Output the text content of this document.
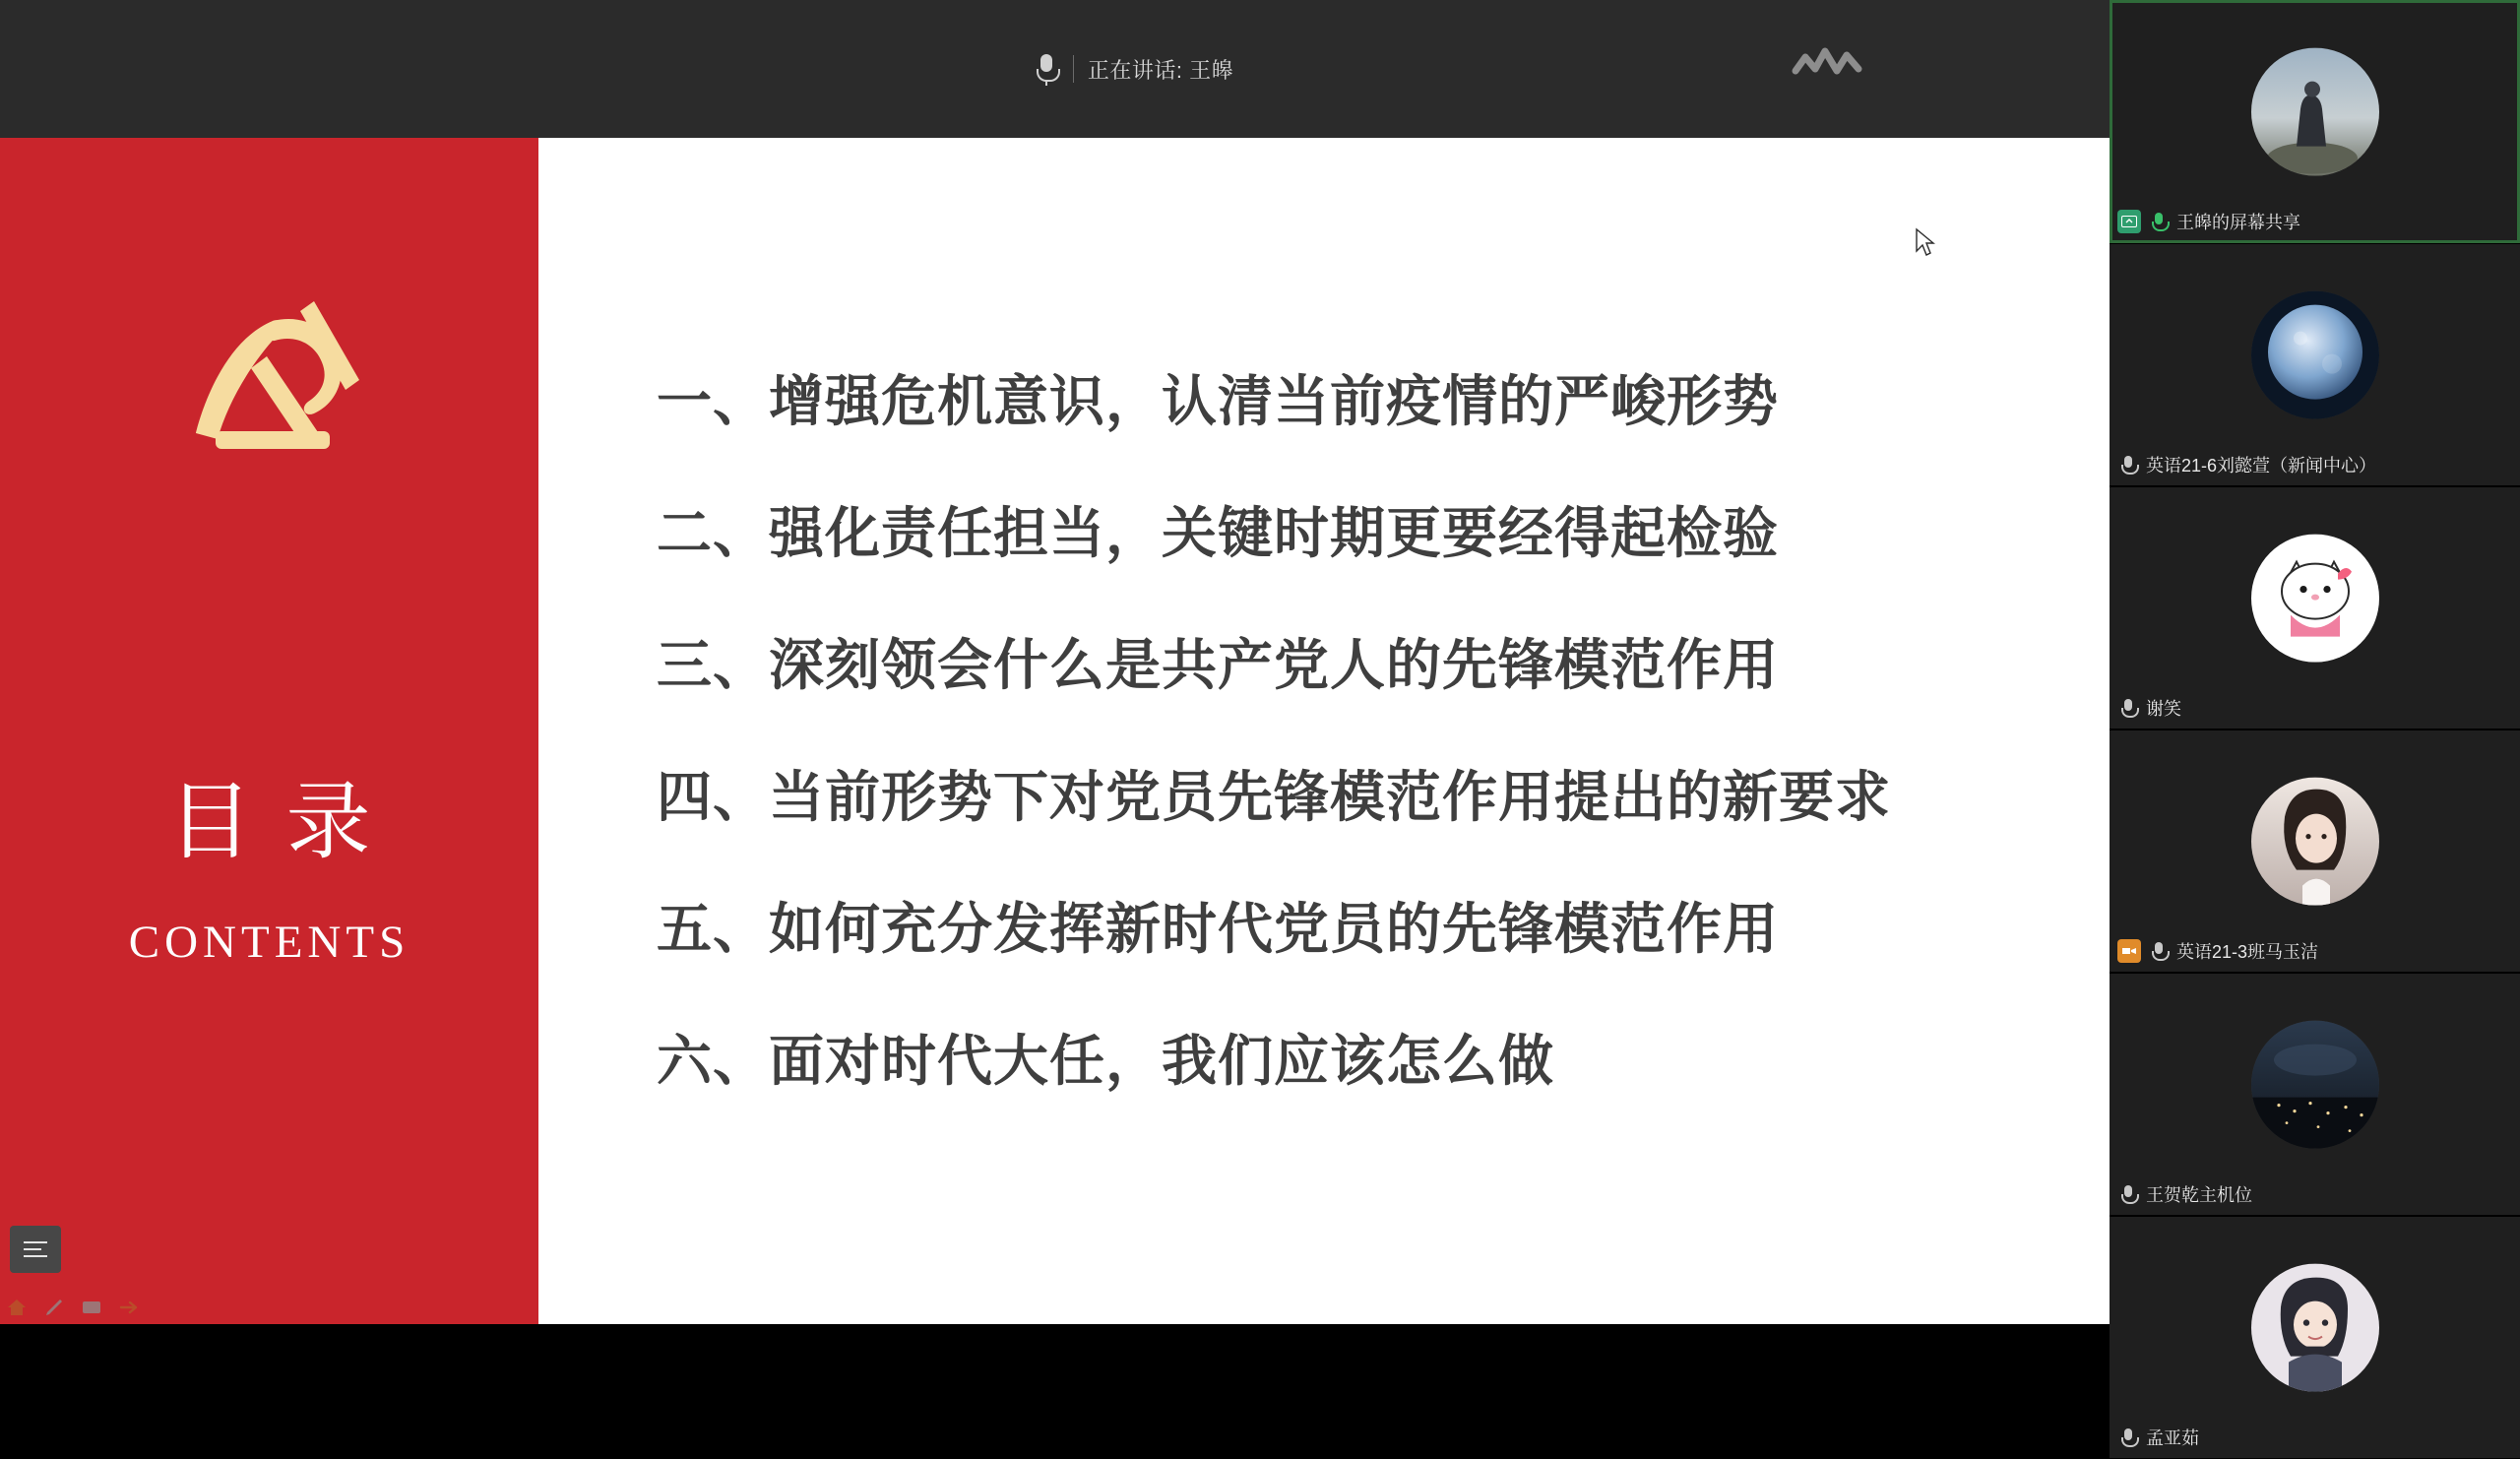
正在讲话: 王皞
目录
CONTENTS
一、增强危机意识，认清当前疫情的严峻形势
二、强化责任担当，关键时期更要经得起检验
三、深刻领会什么是共产党人的先锋模范作用
四、当前形势下对党员先锋模范作用提出的新要求
五、如何充分发挥新时代党员的先锋模范作用
六、面对时代大任，我们应该怎么做
王皞的屏幕共享
英语21-6刘懿萱（新闻中心）
谢笑
英语21-3班马玉洁
王贺乾主机位
孟亚茹
